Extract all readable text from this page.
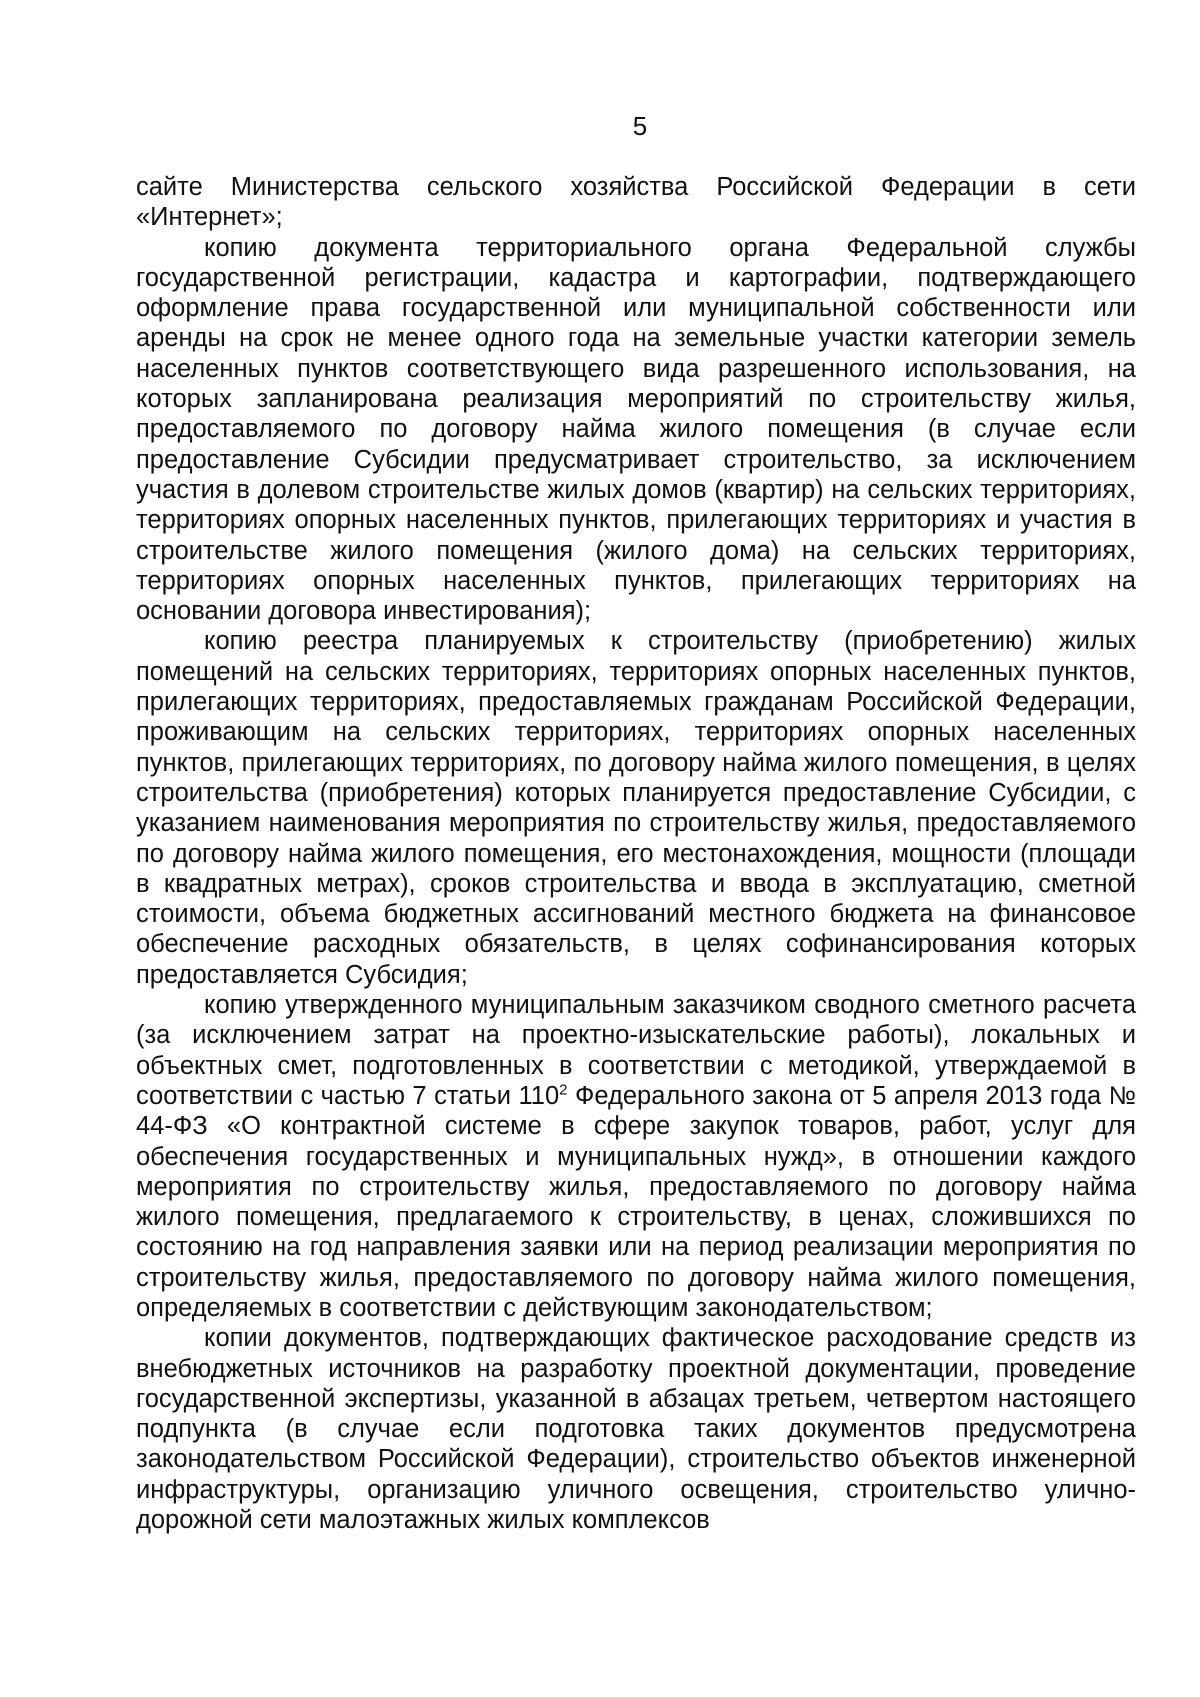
5

сайте Министерства сельского хозяйства Российской Федерации в сети «Интернет»;

копию документа территориального органа Федеральной службы государственной регистрации, кадастра и картографии, подтверждающего оформление права государственной или муниципальной собственности или аренды на срок не менее одного года на земельные участки категории земель населенных пунктов соответствующего вида разрешенного использования, на которых запланирована реализация мероприятий по строительству жилья, предоставляемого по договору найма жилого помещения (в случае если предоставление Субсидии предусматривает строительство, за исключением участия в долевом строительстве жилых домов (квартир) на сельских территориях, территориях опорных населенных пунктов, прилегающих территориях и участия в строительстве жилого помещения (жилого дома) на сельских территориях, территориях опорных населенных пунктов, прилегающих территориях на основании договора инвестирования);

копию реестра планируемых к строительству (приобретению) жилых помещений на сельских территориях, территориях опорных населенных пунктов, прилегающих территориях, предоставляемых гражданам Российской Федерации, проживающим на сельских территориях, территориях опорных населенных пунктов, прилегающих территориях, по договору найма жилого помещения, в целях строительства (приобретения) которых планируется предоставление Субсидии, с указанием наименования мероприятия по строительству жилья, предоставляемого по договору найма жилого помещения, его местонахождения, мощности (площади в квадратных метрах), сроков строительства и ввода в эксплуатацию, сметной стоимости, объема бюджетных ассигнований местного бюджета на финансовое обеспечение расходных обязательств, в целях софинансирования которых предоставляется Субсидия;

копию утвержденного муниципальным заказчиком сводного сметного расчета (за исключением затрат на проектно-изыскательские работы), локальных и объектных смет, подготовленных в соответствии с методикой, утверждаемой в соответствии с частью 7 статьи $110^2$ Федерального закона от 5 апреля 2013 года № 44-ФЗ «О контрактной системе в сфере закупок товаров, работ, услуг для обеспечения государственных и муниципальных нужд», в отношении каждого мероприятия по строительству жилья, предоставляемого по договору найма жилого помещения, предлагаемого к строительству, в ценах, сложившихся по состоянию на год направления заявки или на период реализации мероприятия по строительству жилья, предоставляемого по договору найма жилого помещения, определяемых в соответствии с действующим законодательством;

копии документов, подтверждающих фактическое расходование средств из внебюджетных источников на разработку проектной документации, проведение государственной экспертизы, указанной в абзацах третьем, четвертом настоящего подпункта (в случае если подготовка таких документов предусмотрена законодательством Российской Федерации), строительство объектов инженерной инфраструктуры, организацию уличного освещения, строительство улично-дорожной сети малоэтажных жилых комплексов
